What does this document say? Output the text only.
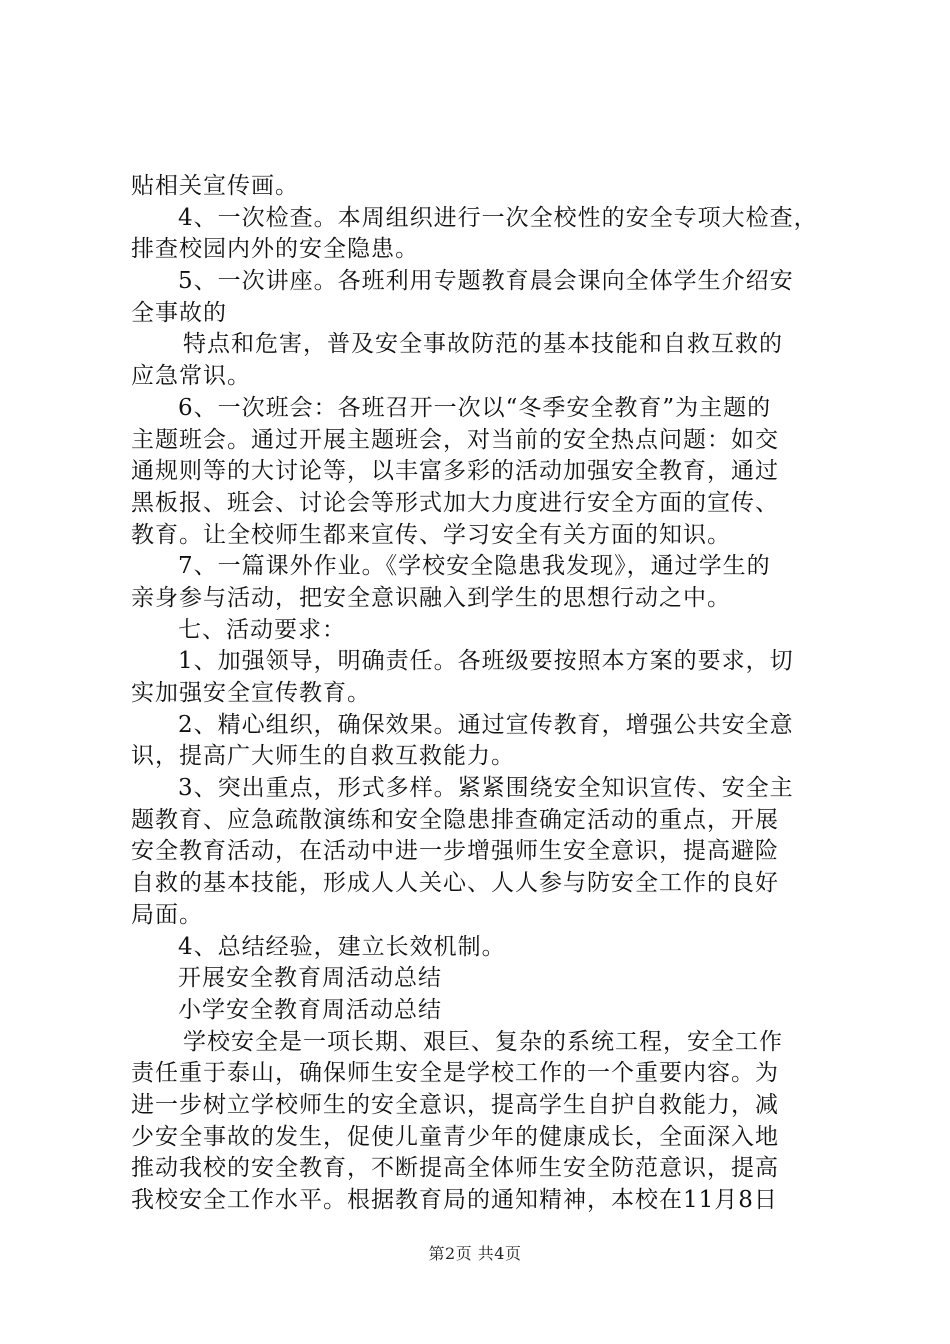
贴相关宣传画。
4、一次检查。本周组织进行一次全校性的安全专项大检查，
排查校园内外的安全隐患。
5、一次讲座。各班利用专题教育晨会课向全体学生介绍安
全事故的
特点和危害，普及安全事故防范的基本技能和自救互救的
应急常识。
6、一次班会：各班召开一次以“冬季安全教育”为主题的
主题班会。通过开展主题班会，对当前的安全热点问题：如交
通规则等的大讨论等，以丰富多彩的活动加强安全教育，通过
黑板报、班会、讨论会等形式加大力度进行安全方面的宣传、
教育。让全校师生都来宣传、学习安全有关方面的知识。
7、一篇课外作业。《学校安全隐患我发现》，通过学生的
亲身参与活动，把安全意识融入到学生的思想行动之中。
七、活动要求：
1、加强领导，明确责任。各班级要按照本方案的要求，切
实加强安全宣传教育。
2、精心组织，确保效果。通过宣传教育，增强公共安全意
识，提高广大师生的自救互救能力。
3、突出重点，形式多样。紧紧围绕安全知识宣传、安全主
题教育、应急疏散演练和安全隐患排查确定活动的重点，开展
安全教育活动，在活动中进一步增强师生安全意识，提高避险
自救的基本技能，形成人人关心、人人参与防安全工作的良好
局面。
4、总结经验，建立长效机制。
开展安全教育周活动总结
小学安全教育周活动总结
学校安全是一项长期、艰巨、复杂的系统工程，安全工作
责任重于泰山，确保师生安全是学校工作的一个重要内容。为
进一步树立学校师生的安全意识，提高学生自护自救能力，减
少安全事故的发生，促使儿童青少年的健康成长，全面深入地
推动我校的安全教育，不断提高全体师生安全防范意识，提高
我校安全工作水平。根据教育局的通知精神，本校在11月8日
第2页 共4页
